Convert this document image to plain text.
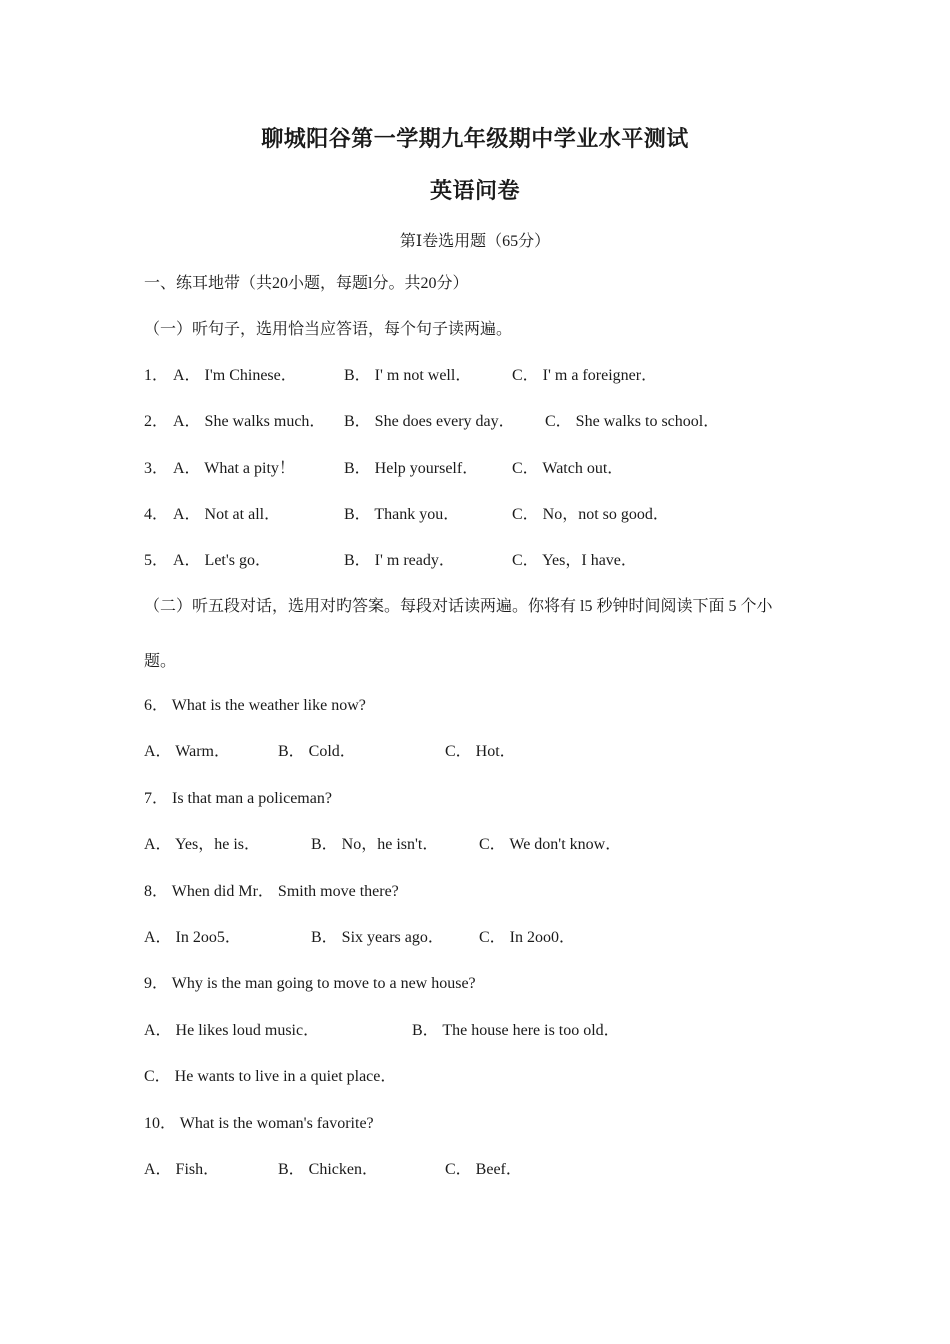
聊城阳谷第一学期九年级期中学业水平测试
英语问卷
第Ⅰ卷选用题（65分）
一、练耳地带（共20小题，每题l分。共20分）
（一）听句子，选用恰当应答语，每个句子读两遍。
1． A． I'm Chinese．	B． I' m not well．	C． I' m a foreigner．
2． A． She walks much． B． She does every day． C． She walks to school．
3． A． What a pity！	B． Help yourself． C． Watch out．
4． A． Not at all．	B． Thank you．	C． No，not so good．
5． A． Let's go．	B． I' m ready．	C． Yes，I have．
（二）听五段对话，选用对旳答案。每段对话读两遍。你将有 l5 秒钟时间阅读下面 5 个小
题。
6． What is the weather like now?
A． Warm．	B． Cold．	C． Hot．
7． Is that man a policeman?
A． Yes，he is．	B． No，he isn't．	C． We don't know．
8． When did Mr． Smith move there?
A． In 2oo5．	B． Six years ago． C． In 2oo0．
9． Why is the man going to move to a new house?
A． He likes loud music．	B． The house here is too old．
C． He wants to live in a quiet place．
10． What is the woman's favorite?
A． Fish．	B． Chicken．	C． Beef．
